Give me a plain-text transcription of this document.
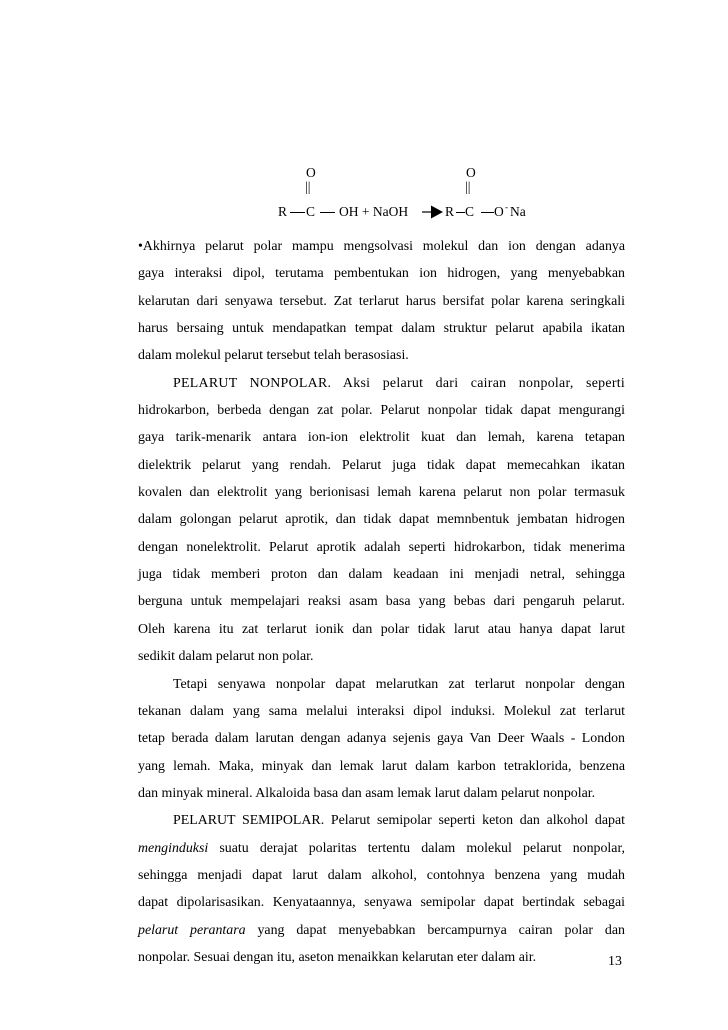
O
||
O
||
R C OH + NaOH	R C O - Na
•Akhirnya pelarut polar mampu mengsolvasi molekul dan ion dengan adanya
gaya interaksi dipol, terutama pembentukan ion hidrogen, yang menyebabkan
kelarutan dari senyawa tersebut. Zat terlarut harus bersifat polar karena seringkali
harus bersaing untuk mendapatkan tempat dalam struktur pelarut apabila ikatan
dalam molekul pelarut tersebut telah berasosiasi.
PELARUT NONPOLAR. Aksi pelarut dari cairan nonpolar, seperti
hidrokarbon, berbeda dengan zat polar. Pelarut nonpolar tidak dapat mengurangi
gaya tarik-menarik antara ion-ion elektrolit kuat dan lemah, karena tetapan
dielektrik pelarut yang rendah. Pelarut juga tidak dapat memecahkan ikatan
kovalen dan elektrolit yang berionisasi lemah karena pelarut non polar termasuk
dalam golongan pelarut aprotik, dan tidak dapat memnbentuk jembatan hidrogen
dengan nonelektrolit. Pelarut aprotik adalah seperti hidrokarbon, tidak menerima
juga tidak memberi proton dan dalam keadaan ini menjadi netral, sehingga
berguna untuk mempelajari reaksi asam basa yang bebas dari pengaruh pelarut.
Oleh karena itu zat terlarut ionik dan polar tidak larut atau hanya dapat larut
sedikit dalam pelarut non polar.
Tetapi senyawa nonpolar dapat melarutkan zat terlarut nonpolar dengan
tekanan dalam yang sama melalui interaksi dipol induksi. Molekul zat terlarut
tetap berada dalam larutan dengan adanya sejenis gaya Van Deer Waals - London
yang lemah. Maka, minyak dan lemak larut dalam karbon tetraklorida, benzena
dan minyak mineral. Alkaloida basa dan asam lemak larut dalam pelarut nonpolar.
PELARUT SEMIPOLAR. Pelarut semipolar seperti keton dan alkohol dapat
menginduksi suatu derajat polaritas tertentu dalam molekul pelarut nonpolar,
sehingga menjadi dapat larut dalam alkohol, contohnya benzena yang mudah
dapat dipolarisasikan. Kenyataannya, senyawa semipolar dapat bertindak sebagai
pelarut perantara yang dapat menyebabkan bercampurnya cairan polar dan
nonpolar. Sesuai dengan itu, aseton menaikkan kelarutan eter dalam air.	13
